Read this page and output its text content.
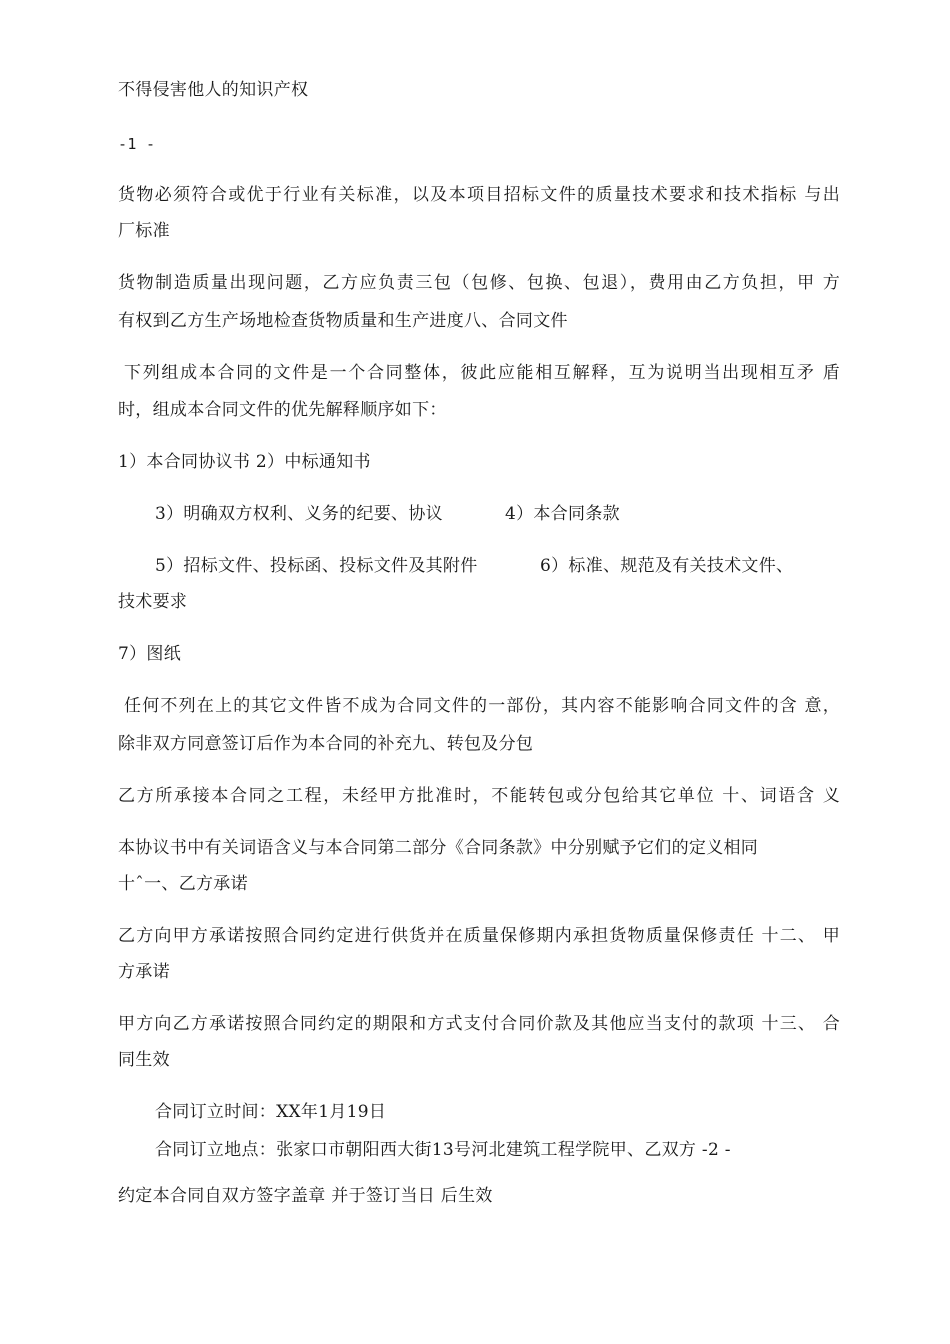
不得侵害他人的知识产权
-1 -
货物必须符合或优于行业有关标准，以及本项目招标文件的质量技术要求和技术指标 与出
厂标准
货物制造质量出现问题，乙方应负责三包（包修、包换、包退），费用由乙方负担，甲 方
有权到乙方生产场地检查货物质量和生产进度八、合同文件
下列组成本合同的文件是一个合同整体，彼此应能相互解释，互为说明当出现相互矛 盾
时，组成本合同文件的优先解释顺序如下：
1）本合同协议书 2）中标通知书
3）明确双方权利、义务的纪要、协议	4）本合同条款
5）招标文件、投标函、投标文件及其附件	6）标准、规范及有关技术文件、
技术要求
7）图纸
任何不列在上的其它文件皆不成为合同文件的一部份，其内容不能影响合同文件的含 意，
除非双方同意签订后作为本合同的补充九、转包及分包
乙方所承接本合同之工程，未经甲方批准时，不能转包或分包给其它单位 十、词语含 义
本协议书中有关词语含义与本合同第二部分《合同条款》中分别赋予它们的定义相同
十ˆ一、乙方承诺
乙方向甲方承诺按照合同约定进行供货并在质量保修期内承担货物质量保修责任 十二、 甲
方承诺
甲方向乙方承诺按照合同约定的期限和方式支付合同价款及其他应当支付的款项 十三、 合
同生效
合同订立时间：XX年1月19日
合同订立地点：张家口市朝阳西大街13号河北建筑工程学院甲、乙双方 -2 -
约定本合同自双方签字盖章 并于签订当日 后生效
